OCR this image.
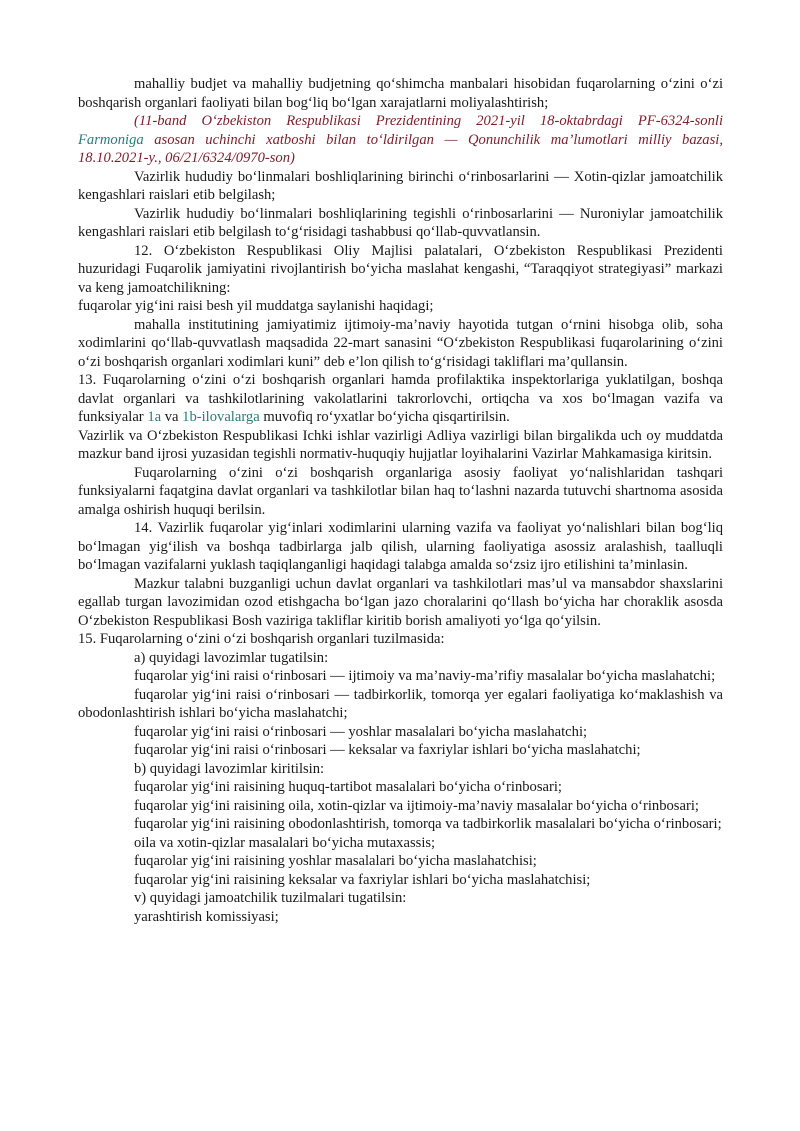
mahalliy budjet va mahalliy budjetning qo‘shimcha manbalari hisobidan fuqarolarning o‘zini o‘zi boshqarish organlari faoliyati bilan bog‘liq bo‘lgan xarajatlarni moliyalashtirish;

(11-band O‘zbekiston Respublikasi Prezidentining 2021-yil 18-oktabrdagi PF-6324-sonli Farmoniga asosan uchinchi xatboshi bilan to‘ldirilgan — Qonunchilik ma’lumotlari milliy bazasi, 18.10.2021-y., 06/21/6324/0970-son)

Vazirlik hududiy bo‘linmalari boshliqlarining birinchi o‘rinbosarlarini — Xotin-qizlar jamoatchilik kengashlari raislari etib belgilash;

Vazirlik hududiy bo‘linmalari boshliqlarining tegishli o‘rinbosarlarini — Nuroniylar jamoatchilik kengashlari raislari etib belgilash to‘g‘risidagi tashabbusi qo‘llab-quvvatlansin.

12. O‘zbekiston Respublikasi Oliy Majlisi palatalari, O‘zbekiston Respublikasi Prezidenti huzuridagi Fuqarolik jamiyatini rivojlantirish bo‘yicha maslahat kengashi, “Taraqqiyot strategiyasi” markazi va keng jamoatchilikning:

fuqarolar yig‘ini raisi besh yil muddatga saylanishi haqidagi;

mahalla institutining jamiyatimiz ijtimoiy-ma’naviy hayotida tutgan o‘rnini hisobga olib, soha xodimlarini qo‘llab-quvvatlash maqsadida 22-mart sanasini “O‘zbekiston Respublikasi fuqarolarining o‘zini o‘zi boshqarish organlari xodimlari kuni” deb e’lon qilish to‘g‘risidagi takliflari ma’qullansin.

13. Fuqarolarning o‘zini o‘zi boshqarish organlari hamda profilaktika inspektorlariga yuklatilgan, boshqa davlat organlari va tashkilotlarining vakolatlarini takrorlovchi, ortiqcha va xos bo‘lmagan vazifa va funksiyalar 1a va 1b-ilovalarga muvofiq ro‘yxatlar bo‘yicha qisqartirilsin.

Vazirlik va O‘zbekiston Respublikasi Ichki ishlar vazirligi Adliya vazirligi bilan birgalikda uch oy muddatda mazkur band ijrosi yuzasidan tegishli normativ-huquqiy hujjatlar loyihalarini Vazirlar Mahkamasiga kiritsin.

Fuqarolarning o‘zini o‘zi boshqarish organlariga asosiy faoliyat yo‘nalishlaridan tashqari funksiyalarni faqatgina davlat organlari va tashkilotlar bilan haq to‘lashni nazarda tutuvchi shartnoma asosida amalga oshirish huquqi berilsin.

14. Vazirlik fuqarolar yig‘inlari xodimlarini ularning vazifa va faoliyat yo‘nalishlari bilan bog‘liq bo‘lmagan yig‘ilish va boshqa tadbirlarga jalb qilish, ularning faoliyatiga asossiz aralashish, taalluqli bo‘lmagan vazifalarni yuklash taqiqlanganligi haqidagi talabga amalda so‘zsiz ijro etilishini ta’minlasin.

Mazkur talabni buzganligi uchun davlat organlari va tashkilotlari mas’ul va mansabdor shaxslarini egallab turgan lavozimidan ozod etishgacha bo‘lgan jazo choralarini qo‘llash bo‘yicha har choraklik asosda O‘zbekiston Respublikasi Bosh vaziriga takliflar kiritib borish amaliyoti yo‘lga qo‘yilsin.

15. Fuqarolarning o‘zini o‘zi boshqarish organlari tuzilmasida:

a) quyidagi lavozimlar tugatilsin:

fuqarolar yig‘ini raisi o‘rinbosari — ijtimoiy va ma’naviy-ma’rifiy masalalar bo‘yicha maslahatchi;

fuqarolar yig‘ini raisi o‘rinbosari — tadbirkorlik, tomorqa yer egalari faoliyatiga ko‘maklashish va obodonlashtirish ishlari bo‘yicha maslahatchi;

fuqarolar yig‘ini raisi o‘rinbosari — yoshlar masalalari bo‘yicha maslahatchi;

fuqarolar yig‘ini raisi o‘rinbosari — keksalar va faxriylar ishlari bo‘yicha maslahatchi;

b) quyidagi lavozimlar kiritilsin:

fuqarolar yig‘ini raisining huquq-tartibot masalalari bo‘yicha o‘rinbosari;

fuqarolar yig‘ini raisining oila, xotin-qizlar va ijtimoiy-ma’naviy masalalar bo‘yicha o‘rinbosari;

fuqarolar yig‘ini raisining obodonlashtirish, tomorqa va tadbirkorlik masalalari bo‘yicha o‘rinbosari;

oila va xotin-qizlar masalalari bo‘yicha mutaxassis;

fuqarolar yig‘ini raisining yoshlar masalalari bo‘yicha maslahatchisi;

fuqarolar yig‘ini raisining keksalar va faxriylar ishlari bo‘yicha maslahatchisi;

v) quyidagi jamoatchilik tuzilmalari tugatilsin:

yarashtirish komissiyasi;
